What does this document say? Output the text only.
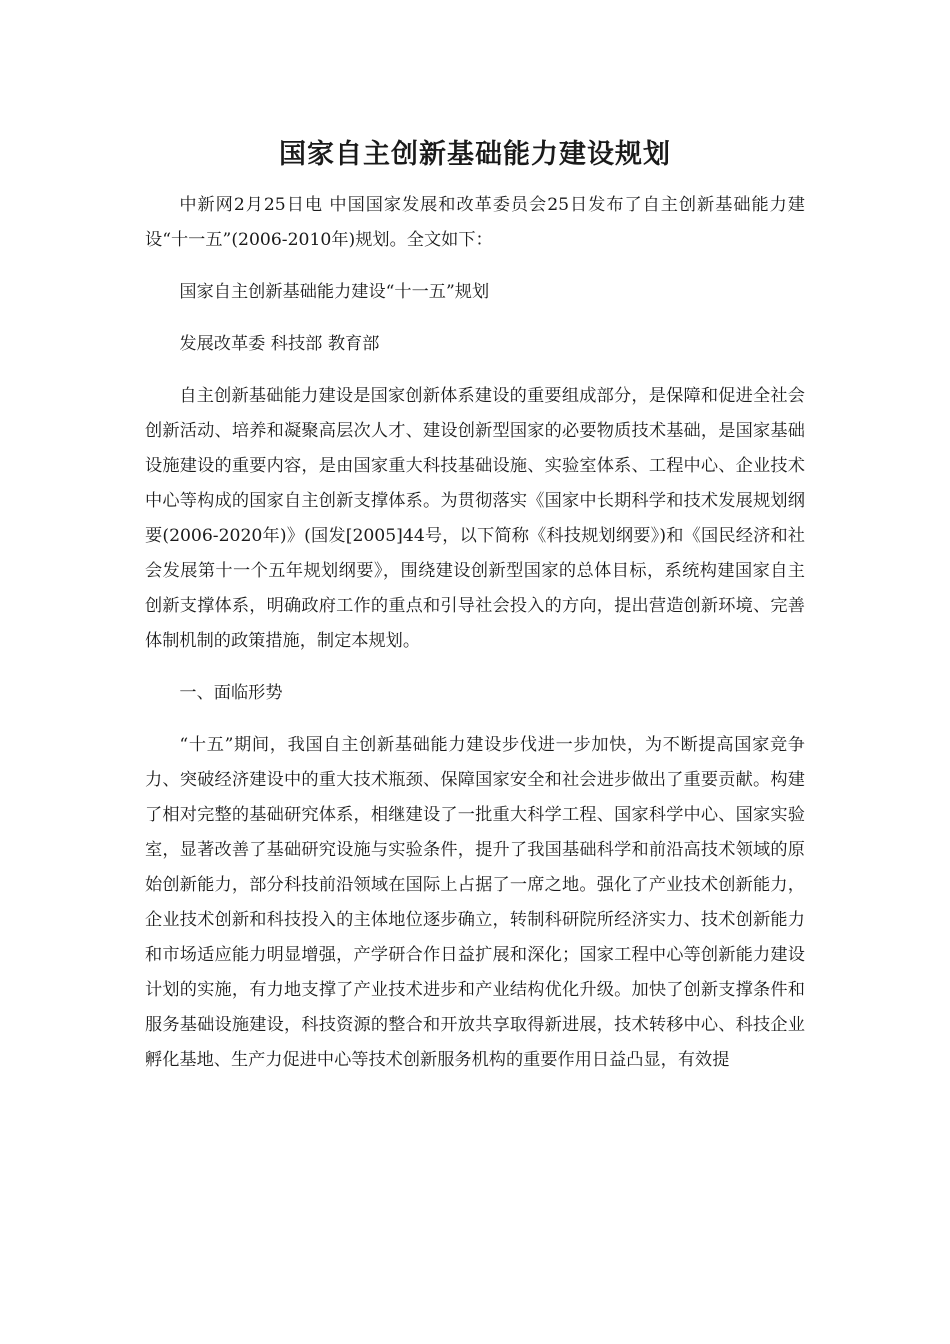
国家自主创新基础能力建设规划

中新网2月25日电 中国国家发展和改革委员会25日发布了自主创新基础能力建设“十一五”(2006-2010年)规划。全文如下：

国家自主创新基础能力建设“十一五”规划

发展改革委 科技部 教育部

自主创新基础能力建设是国家创新体系建设的重要组成部分，是保障和促进全社会创新活动、培养和凝聚高层次人才、建设创新型国家的必要物质技术基础，是国家基础设施建设的重要内容，是由国家重大科技基础设施、实验室体系、工程中心、企业技术中心等构成的国家自主创新支撑体系。为贯彻落实《国家中长期科学和技术发展规划纲要(2006-2020年)》(国发[2005]44号，以下简称《科技规划纲要》)和《国民经济和社会发展第十一个五年规划纲要》，围绕建设创新型国家的总体目标，系统构建国家自主创新支撑体系，明确政府工作的重点和引导社会投入的方向，提出营造创新环境、完善体制机制的政策措施，制定本规划。

一、面临形势

“十五”期间，我国自主创新基础能力建设步伐进一步加快，为不断提高国家竞争力、突破经济建设中的重大技术瓶颈、保障国家安全和社会进步做出了重要贡献。构建了相对完整的基础研究体系，相继建设了一批重大科学工程、国家科学中心、国家实验室，显著改善了基础研究设施与实验条件，提升了我国基础科学和前沿高技术领域的原始创新能力，部分科技前沿领域在国际上占据了一席之地。强化了产业技术创新能力，企业技术创新和科技投入的主体地位逐步确立，转制科研院所经济实力、技术创新能力和市场适应能力明显增强，产学研合作日益扩展和深化；国家工程中心等创新能力建设计划的实施，有力地支撑了产业技术进步和产业结构优化升级。加快了创新支撑条件和服务基础设施建设，科技资源的整合和开放共享取得新进展，技术转移中心、科技企业孵化基地、生产力促进中心等技术创新服务机构的重要作用日益凸显，有效提
